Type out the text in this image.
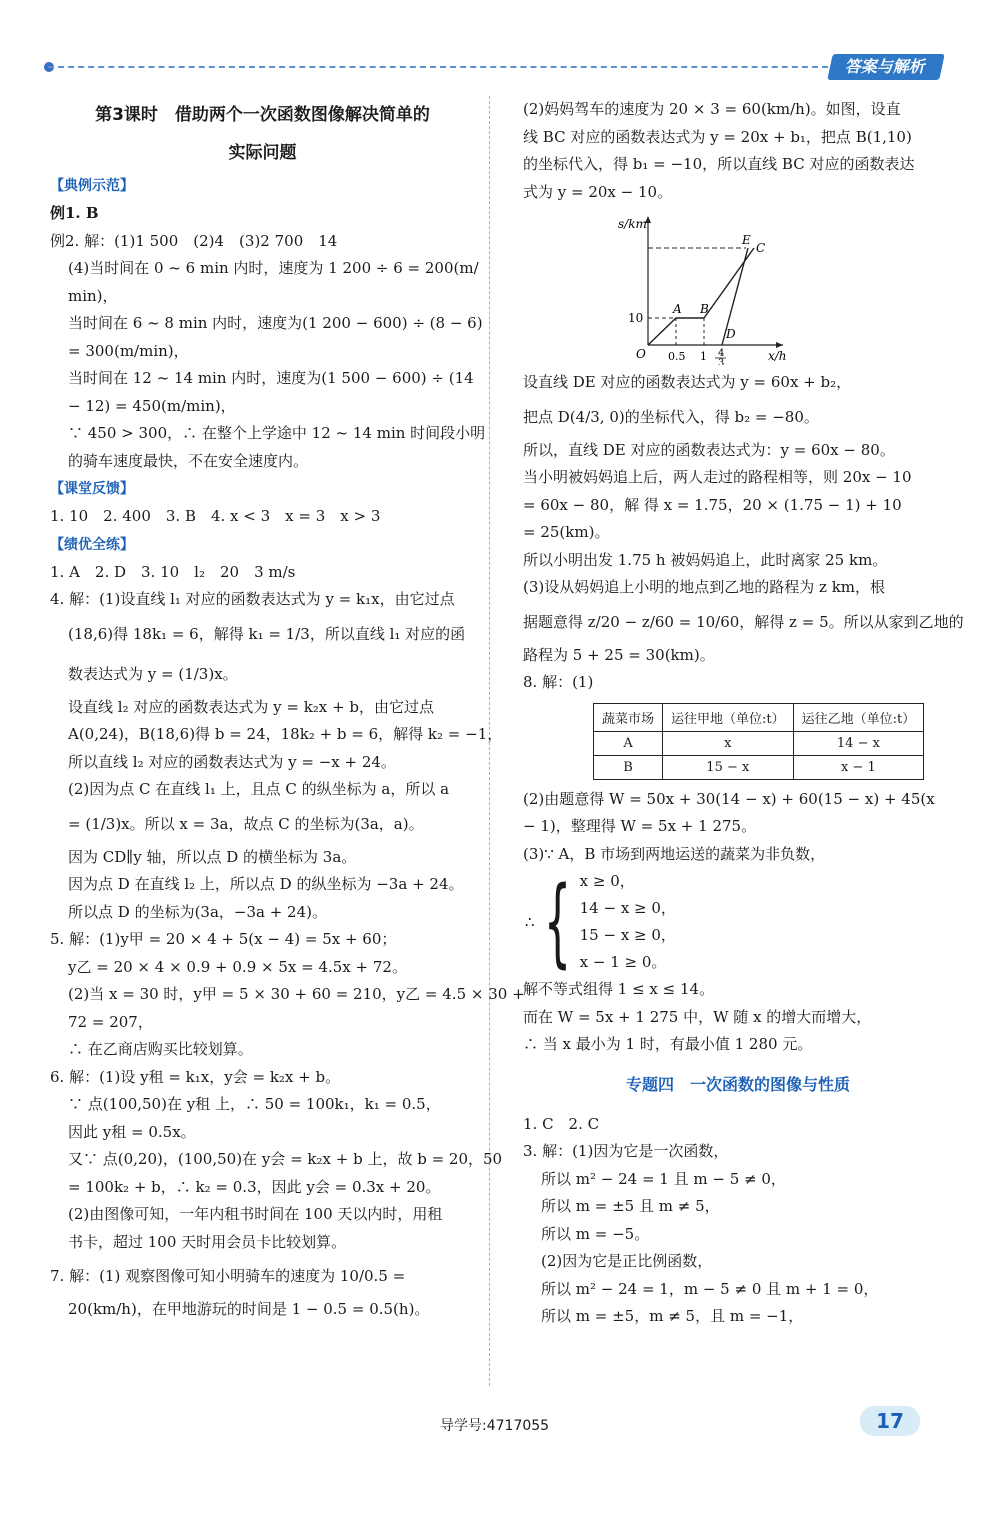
答案与解析
第3课时　借助两个一次函数图像解决简单的
实际问题
【典例示范】
例1. B
例2. 解：(1)1 500　(2)4　(3)2 700　14
(4)当时间在 0 ~ 6 min 内时，速度为 1 200 ÷ 6 = 200(m/
min)，
当时间在 6 ~ 8 min 内时，速度为(1 200 − 600) ÷ (8 − 6)
= 300(m/min)，
当时间在 12 ~ 14 min 内时，速度为(1 500 − 600) ÷ (14
− 12) = 450(m/min)，
∵ 450 > 300，∴ 在整个上学途中 12 ~ 14 min 时间段小明
的骑车速度最快，不在安全速度内。
【课堂反馈】
1. 10　2. 400　3. B　4. x < 3　x = 3　x > 3
【绩优全练】
1. A　2. D　3. 10　l₂　20　3 m/s
4. 解：(1)设直线 l₁ 对应的函数表达式为 y = k₁x，由它过点
(18,6)得 18k₁ = 6，解得 k₁ = 1/3，所以直线 l₁ 对应的函
数表达式为 y = (1/3)x。
设直线 l₂ 对应的函数表达式为 y = k₂x + b，由它过点
A(0,24)，B(18,6)得 b = 24，18k₂ + b = 6，解得 k₂ = −1，
所以直线 l₂ 对应的函数表达式为 y = −x + 24。
(2)因为点 C 在直线 l₁ 上，且点 C 的纵坐标为 a，所以 a
= (1/3)x。所以 x = 3a，故点 C 的坐标为(3a，a)。
因为 CD∥y 轴，所以点 D 的横坐标为 3a。
因为点 D 在直线 l₂ 上，所以点 D 的纵坐标为 −3a + 24。
所以点 D 的坐标为(3a，−3a + 24)。
5. 解：(1)y甲 = 20 × 4 + 5(x − 4) = 5x + 60；
y乙 = 20 × 4 × 0.9 + 0.9 × 5x = 4.5x + 72。
(2)当 x = 30 时，y甲 = 5 × 30 + 60 = 210，y乙 = 4.5 × 30 +
72 = 207，
∴ 在乙商店购买比较划算。
6. 解：(1)设 y租 = k₁x，y会 = k₂x + b。
∵ 点(100,50)在 y租 上，∴ 50 = 100k₁，k₁ = 0.5，
因此 y租 = 0.5x。
又∵ 点(0,20)，(100,50)在 y会 = k₂x + b 上，故 b = 20，50
= 100k₂ + b，∴ k₂ = 0.3，因此 y会 = 0.3x + 20。
(2)由图像可知，一年内租书时间在 100 天以内时，用租
书卡，超过 100 天时用会员卡比较划算。
7. 解：(1) 观察图像可知小明骑车的速度为 10/0.5 =
20(km/h)，在甲地游玩的时间是 1 − 0.5 = 0.5(h)。
(2)妈妈驾车的速度为 20 × 3 = 60(km/h)。如图，设直
线 BC 对应的函数表达式为 y = 20x + b₁，把点 B(1,10)
的坐标代入，得 b₁ = −10，所以直线 BC 对应的函数表达
式为 y = 20x − 10。
s/km
x/h
O
10
0.5 1 4
3
A B
C
D
E
设直线 DE 对应的函数表达式为 y = 60x + b₂，
把点 D(4/3, 0)的坐标代入，得 b₂ = −80。
所以，直线 DE 对应的函数表达式为：y = 60x − 80。
当小明被妈妈追上后，两人走过的路程相等，则 20x − 10
= 60x − 80，解 得 x = 1.75，20 × (1.75 − 1) + 10
= 25(km)。
所以小明出发 1.75 h 被妈妈追上，此时离家 25 km。
(3)设从妈妈追上小明的地点到乙地的路程为 z km，根
据题意得 z/20 − z/60 = 10/60，解得 z = 5。所以从家到乙地的
路程为 5 + 25 = 30(km)。
8. 解：(1)
蔬菜市场	运往甲地（单位:t）	运往乙地（单位:t）
A	x	14 − x
B	15 − x	x − 1
(2)由题意得 W = 50x + 30(14 − x) + 60(15 − x) + 45(x
− 1)，整理得 W = 5x + 1 275。
(3)∵ A，B 市场到两地运送的蔬菜为非负数，
∴ { x ≥ 0，
14 − x ≥ 0，
15 − x ≥ 0，
x − 1 ≥ 0。
解不等式组得 1 ≤ x ≤ 14。
而在 W = 5x + 1 275 中，W 随 x 的增大而增大，
∴ 当 x 最小为 1 时，有最小值 1 280 元。
专题四　一次函数的图像与性质
1. C　2. C
3. 解：(1)因为它是一次函数，
所以 m² − 24 = 1 且 m − 5 ≠ 0，
所以 m = ±5 且 m ≠ 5，
所以 m = −5。
(2)因为它是正比例函数，
所以 m² − 24 = 1，m − 5 ≠ 0 且 m + 1 = 0，
所以 m = ±5，m ≠ 5，且 m = −1，
导学号:4717055	17
